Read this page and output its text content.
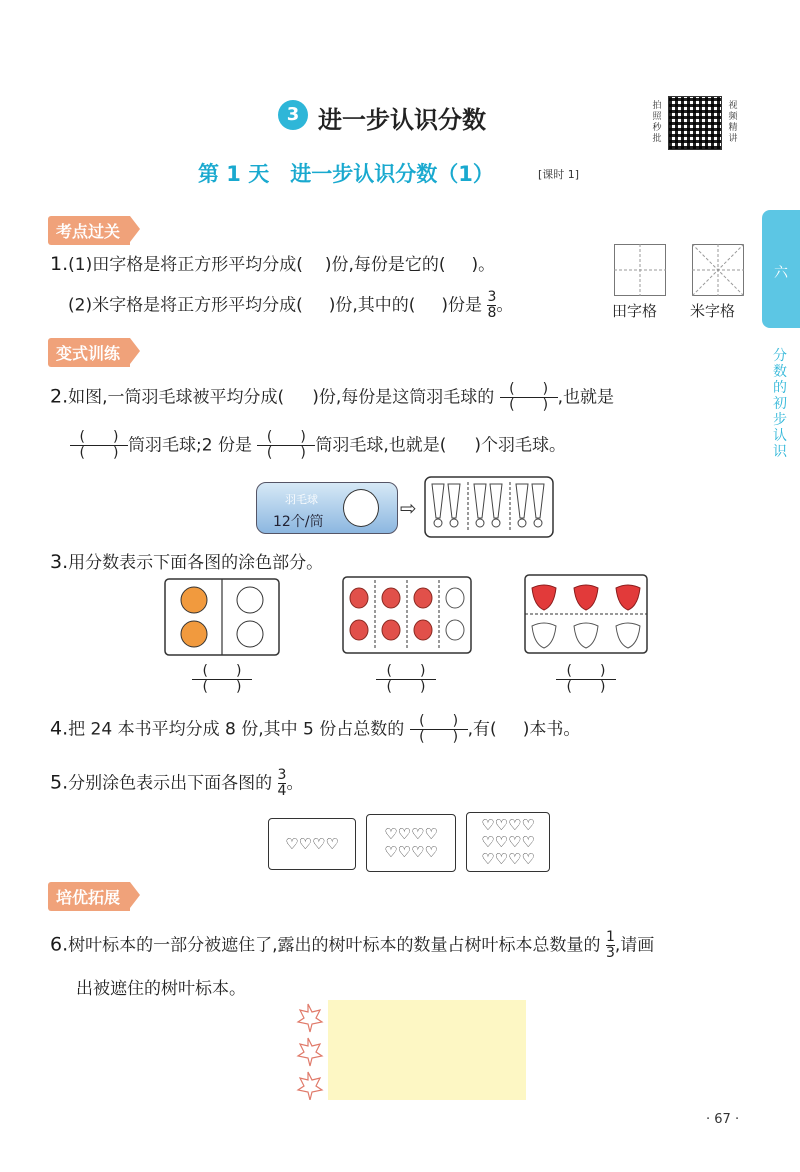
3 进一步认识分数	拍
照
秒
批
视
频
精
讲
第 1 天　进一步认识分数（1）	[课时 1]
六
分
数
的
初
步
认
识
考点过关
1.(1)田字格是将正方形平均分成( )份,每份是它的( )。
(2)米字格是将正方形平均分成( )份,其中的( )份是 $\frac{3}{8}$ 。	田字格 米字格
变式训练
2.如图,一筒羽毛球被平均分成( )份,每份是这筒羽毛球的 $\frac{( )}{( )}$ ,也就是
$\frac{( )}{( )}$ 筒羽毛球;2 份是 $\frac{( )}{( )}$ 筒羽毛球,也就是( )个羽毛球。
羽毛球
12个/筒
⇨
3.用分数表示下面各图的涂色部分。
$\frac{( )}{( )}$	$\frac{( )}{( )}$	$\frac{( )}{( )}$
4.把 24 本书平均分成 8 份,其中 5 份占总数的 $\frac{( )}{( )}$ ,有( )本书。
5.分别涂色表示出下面各图的 $\frac{3}{4}$ 。
♡♡♡♡
♡♡♡♡
♡♡♡♡
♡♡♡♡
♡♡♡♡
♡♡♡♡
培优拓展
6.树叶标本的一部分被遮住了,露出的树叶标本的数量占树叶标本总数量的 $\frac{1}{3}$ ,请画
出被遮住的树叶标本。
· 67 ·
